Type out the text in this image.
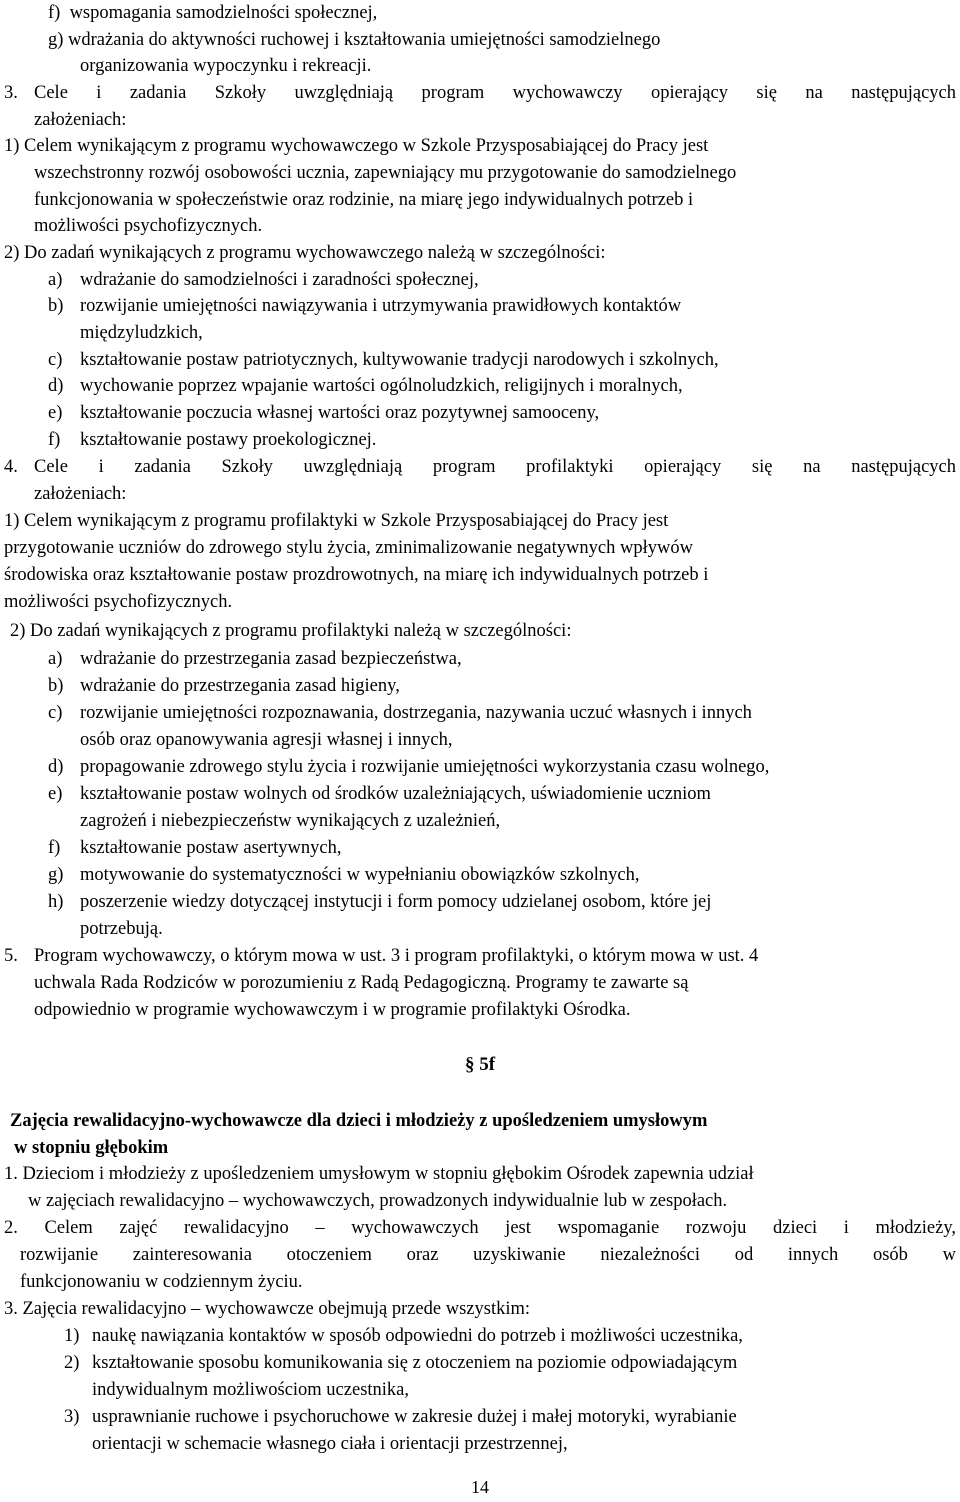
f)  wspomagania samodzielności społecznej,
g) wdrażania do aktywności ruchowej i kształtowania umiejętności samodzielnego
organizowania wypoczynku i rekreacji.
3. Cele i zadania Szkoły uwzględniają program wychowawczy opierający się na następujących
założeniach:
1) Celem wynikającym z programu wychowawczego w Szkole Przysposabiającej do Pracy jest
wszechstronny rozwój osobowości ucznia, zapewniający mu przygotowanie do samodzielnego
funkcjonowania w społeczeństwie oraz rodzinie, na miarę jego indywidualnych potrzeb i
możliwości psychofizycznych.
2) Do zadań wynikających z programu wychowawczego należą w szczególności:
a) wdrażanie do samodzielności i zaradności społecznej,
b) rozwijanie umiejętności nawiązywania i utrzymywania prawidłowych kontaktów
międzyludzkich,
c) kształtowanie postaw patriotycznych, kultywowanie tradycji narodowych i szkolnych,
d) wychowanie poprzez wpajanie wartości ogólnoludzkich, religijnych i moralnych,
e) kształtowanie poczucia własnej wartości oraz pozytywnej samooceny,
f) kształtowanie postawy proekologicznej.
4. Cele i zadania Szkoły uwzględniają program profilaktyki opierający się na następujących
założeniach:
1) Celem wynikającym z programu profilaktyki w Szkole Przysposabiającej do Pracy jest
przygotowanie uczniów do zdrowego stylu życia, zminimalizowanie negatywnych wpływów
środowiska oraz kształtowanie postaw prozdrowotnych, na miarę ich indywidualnych potrzeb i
możliwości psychofizycznych.
2) Do zadań wynikających z programu profilaktyki należą w szczególności:
a) wdrażanie do przestrzegania zasad bezpieczeństwa,
b) wdrażanie do przestrzegania zasad higieny,
c) rozwijanie umiejętności rozpoznawania, dostrzegania, nazywania uczuć własnych i innych
osób oraz opanowywania agresji własnej i innych,
d) propagowanie zdrowego stylu życia i rozwijanie umiejętności wykorzystania czasu wolnego,
e) kształtowanie postaw wolnych od środków uzależniających, uświadomienie uczniom
zagrożeń i niebezpieczeństw wynikających z uzależnień,
f) kształtowanie postaw asertywnych,
g) motywowanie do systematyczności w wypełnianiu obowiązków szkolnych,
h) poszerzenie wiedzy dotyczącej instytucji i form pomocy udzielanej osobom, które jej
potrzebują.
5. Program wychowawczy, o którym mowa w ust. 3 i program profilaktyki, o którym mowa w ust. 4
uchwala Rada Rodziców w porozumieniu z Radą Pedagogiczną. Programy te zawarte są
odpowiednio w programie wychowawczym i w programie profilaktyki Ośrodka.
§ 5f
Zajęcia rewalidacyjno-wychowawcze dla dzieci i młodzieży z upośledzeniem umysłowym
w stopniu głębokim
1. Dzieciom i młodzieży z upośledzeniem umysłowym w stopniu głębokim Ośrodek zapewnia udział
w zajęciach rewalidacyjno – wychowawczych, prowadzonych indywidualnie lub w zespołach.
2. Celem zajęć rewalidacyjno – wychowawczych jest wspomaganie rozwoju dzieci i młodzieży,
rozwijanie zainteresowania otoczeniem oraz uzyskiwanie niezależności od innych osób w
funkcjonowaniu w codziennym życiu.
3. Zajęcia rewalidacyjno – wychowawcze obejmują przede wszystkim:
1) naukę nawiązania kontaktów w sposób odpowiedni do potrzeb i możliwości uczestnika,
2) kształtowanie sposobu komunikowania się z otoczeniem na poziomie odpowiadającym
indywidualnym możliwościom uczestnika,
3) usprawnianie ruchowe i psychoruchowe w zakresie dużej i małej motoryki, wyrabianie
orientacji w schemacie własnego ciała i orientacji przestrzennej,
14
